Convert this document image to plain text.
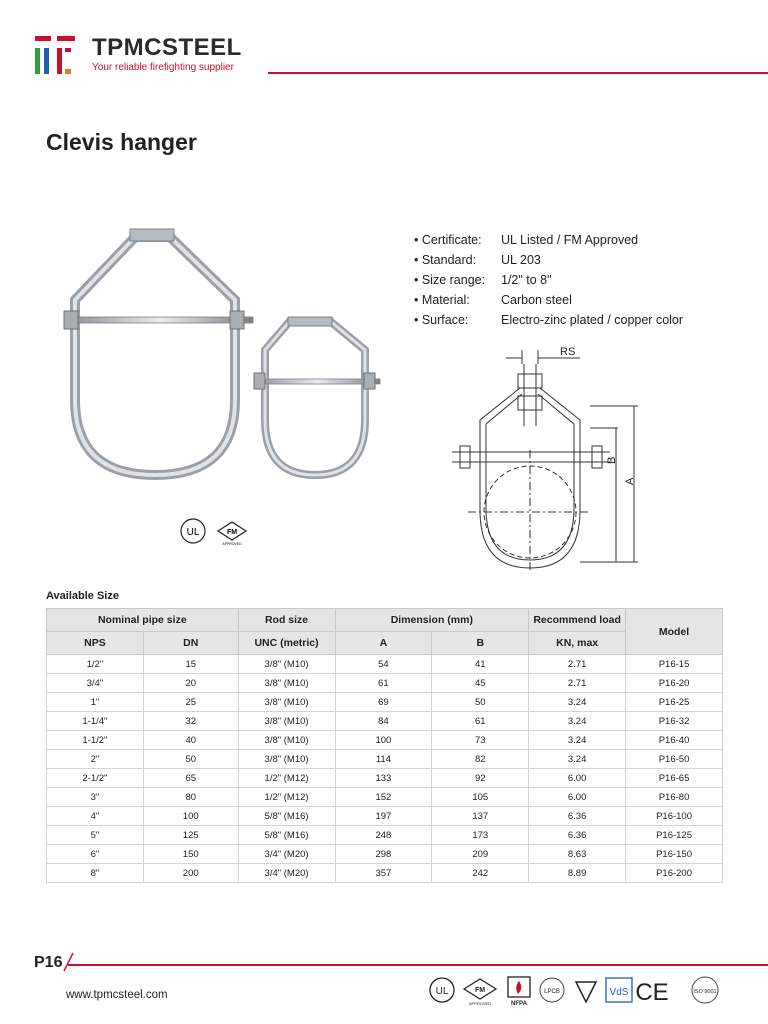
TPMCSTEEL
Your reliable firefighting supplier
Clevis hanger
UL	FM
APPROVED
• Certificate:	UL Listed / FM Approved
• Standard:	UL 203
• Size range:	1/2" to 8"
• Material:	Carbon steel
• Surface:	Electro-zinc plated / copper color
RS
B
A
Available Size
Nominal pipe size		Rod size	Dimension (mm)		Recommend load	Model
NPS	DN	UNC (metric)	A	B	KN, max	
1/2"	15	3/8" (M10)	54	41	2.71	P16-15
3/4"	20	3/8" (M10)	61	45	2.71	P16-20
1"	25	3/8" (M10)	69	50	3.24	P16-25
1-1/4"	32	3/8" (M10)	84	61	3.24	P16-32
1-1/2"	40	3/8" (M10)	100	73	3.24	P16-40
2"	50	3/8" (M10)	114	82	3.24	P16-50
2-1/2"	65	1/2" (M12)	133	92	6.00	P16-65
3"	80	1/2" (M12)	152	105	6.00	P16-80
4"	100	5/8" (M16)	197	137	6.36	P16-100
5"	125	5/8" (M16)	248	173	6.36	P16-125
6"	150	3/4" (M20)	298	209	8.63	P16-150
8"	200	3/4" (M20)	357	242	8.89	P16-200
P16
www.tpmcsteel.com	UL	FM
APPROVED	NFPA
LPCB	VdS CE	ISO 9001
